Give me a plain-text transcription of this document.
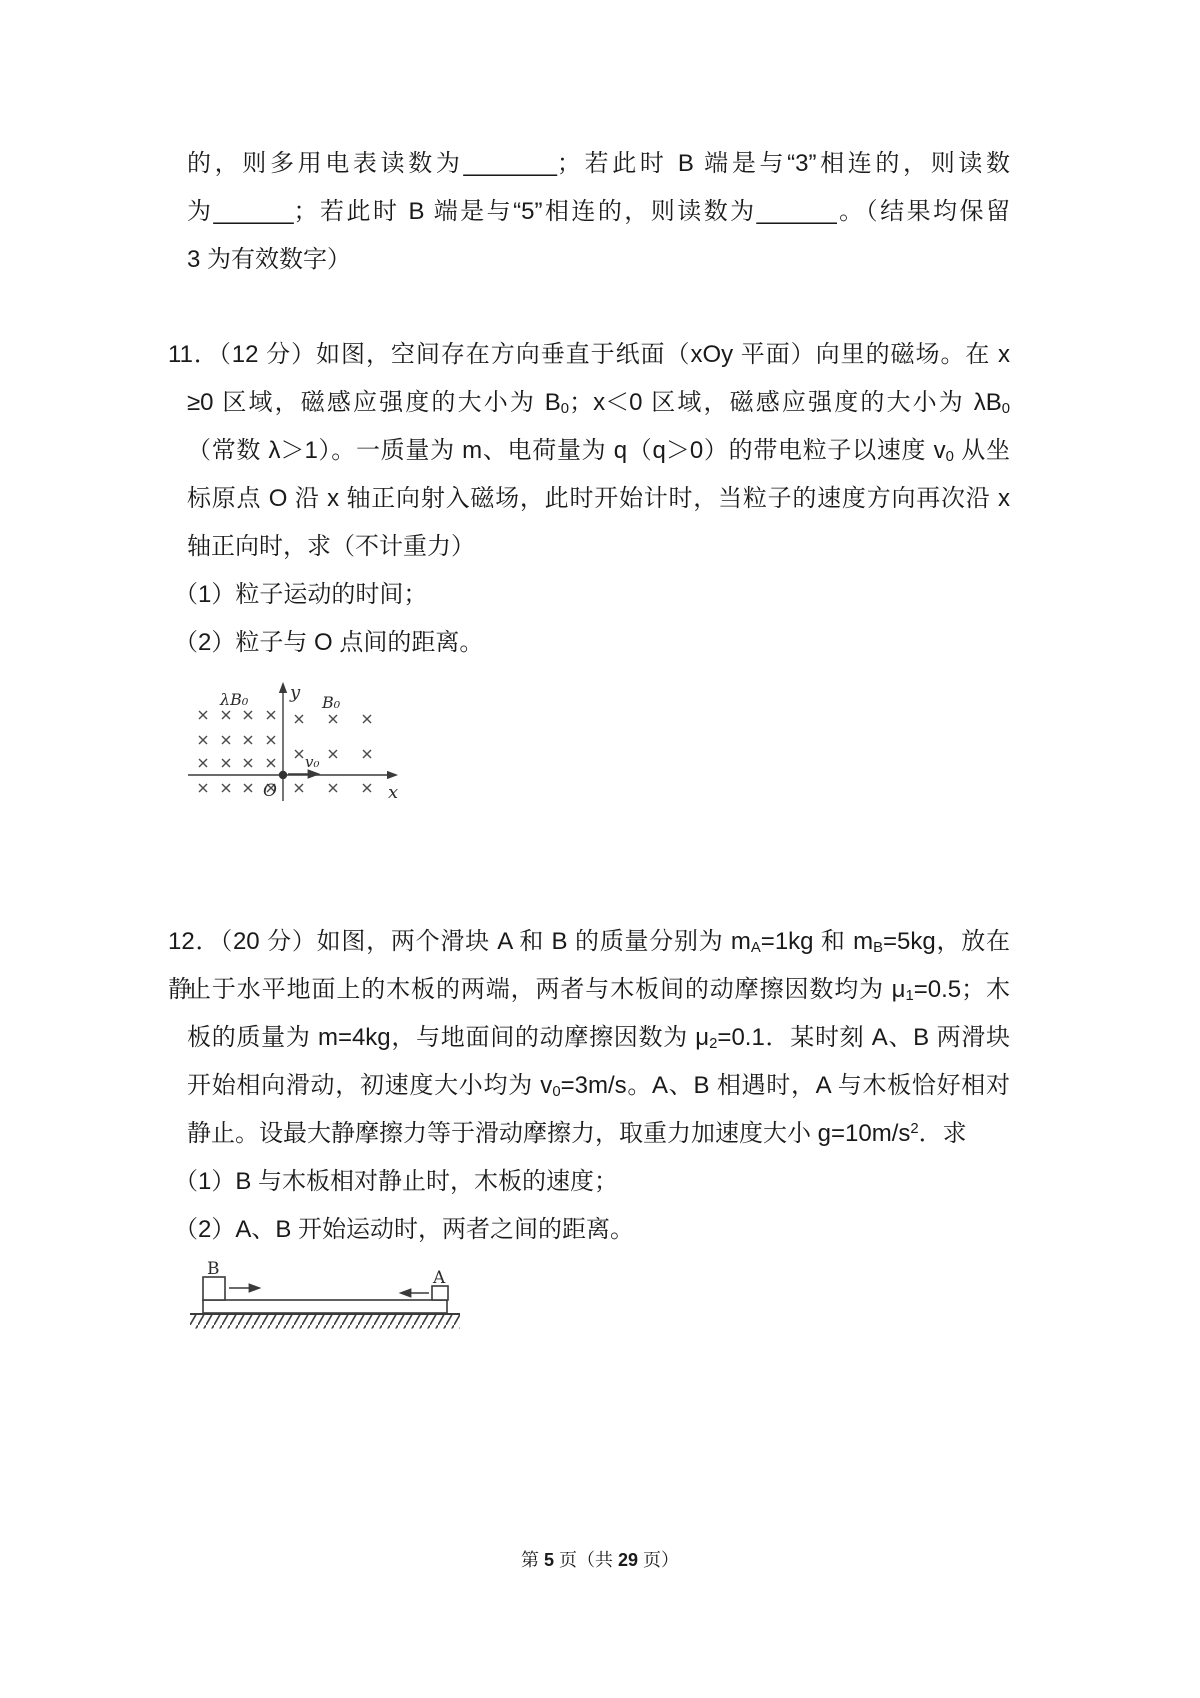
的，则多用电表读数为_______；若此时 B 端是与“3”相连的，则读数
为______；若此时 B 端是与“5”相连的，则读数为______。（结果均保留
3 为有效数字）
11．（12 分）如图，空间存在方向垂直于纸面（xOy 平面）向里的磁场。在 x
≥0 区域，磁感应强度的大小为 $B_0$；x＜0 区域，磁感应强度的大小为 $\lambda B_0$
（常数 λ＞1）。一质量为 m、电荷量为 q（q＞0）的带电粒子以速度 $v_0$ 从坐
标原点 O 沿 x 轴正向射入磁场，此时开始计时，当粒子的速度方向再次沿 x
轴正向时，求（不计重力）
（1）粒子运动的时间；
（2）粒子与 O 点间的距离。
y
x
O
λB₀	B₀
v₀
12．（20 分）如图，两个滑块 A 和 B 的质量分别为 $m_A=1kg$ 和 $m_B=5kg$，放在静
止于水平地面上的木板的两端，两者与木板间的动摩擦因数均为 $\mu_1=0.5$；木
板的质量为 m=4kg，与地面间的动摩擦因数为 $\mu_2=0.1$．某时刻 A、B 两滑块
开始相向滑动，初速度大小均为 $v_0=3m/s$。A、B 相遇时，A 与木板恰好相对
静止。设最大静摩擦力等于滑动摩擦力，取重力加速度大小 $g=10m/s^2$．求
（1）B 与木板相对静止时，木板的速度；
（2）A、B 开始运动时，两者之间的距离。
B	A
第 5 页（共 29 页）
